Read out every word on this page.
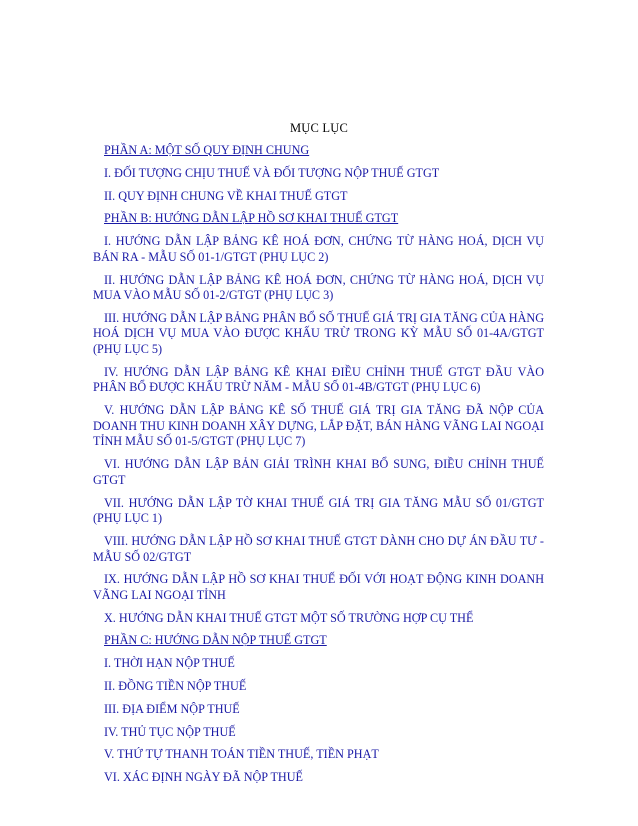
MỤC LỤC
PHẦN A: MỘT SỐ QUY ĐỊNH CHUNG
I. ĐỐI TƯỢNG CHỊU THUẾ VÀ ĐỐI TƯỢNG NỘP THUẾ GTGT
II. QUY ĐỊNH CHUNG VỀ KHAI THUẾ GTGT
PHẦN B: HƯỚNG DẪN LẬP HỒ SƠ KHAI THUẾ GTGT
I. HƯỚNG DẪN LẬP BẢNG KÊ HOÁ ĐƠN, CHỨNG TỪ HÀNG HOÁ, DỊCH VỤ BÁN RA - MẪU SỐ 01-1/GTGT (PHỤ LỤC 2)
II. HƯỚNG DẪN LẬP BẢNG KÊ HOÁ ĐƠN, CHỨNG TỪ HÀNG HOÁ, DỊCH VỤ MUA VÀO MẪU SỐ 01-2/GTGT (PHỤ LỤC 3)
III. HƯỚNG DẪN LẬP BẢNG PHÂN BỔ SỐ THUẾ GIÁ TRỊ GIA TĂNG CỦA HÀNG HOÁ DỊCH VỤ MUA VÀO ĐƯỢC KHẤU TRỪ TRONG KỲ MẪU SỐ 01-4A/GTGT (PHỤ LỤC 5)
IV. HƯỚNG DẪN LẬP BẢNG KÊ KHAI ĐIỀU CHỈNH THUẾ GTGT ĐẦU VÀO PHÂN BỔ ĐƯỢC KHẤU TRỪ NĂM - MẪU SỐ 01-4B/GTGT (PHỤ LỤC 6)
V. HƯỚNG DẪN LẬP BẢNG KÊ SỐ THUẾ GIÁ TRỊ GIA TĂNG ĐÃ NỘP CỦA DOANH THU KINH DOANH XÂY DỰNG, LẮP ĐẶT, BÁN HÀNG VÃNG LAI NGOẠI TỈNH MẪU SỐ 01-5/GTGT (PHỤ LỤC 7)
VI. HƯỚNG DẪN LẬP BẢN GIẢI TRÌNH KHAI BỔ SUNG, ĐIỀU CHỈNH THUẾ GTGT
VII. HƯỚNG DẪN LẬP TỜ KHAI THUẾ GIÁ TRỊ GIA TĂNG MẪU SỐ 01/GTGT (PHỤ LỤC 1)
VIII. HƯỚNG DẪN LẬP HỒ SƠ KHAI THUẾ GTGT DÀNH CHO DỰ ÁN ĐẦU TƯ - MẪU SỐ 02/GTGT
IX. HƯỚNG DẪN LẬP HỒ SƠ KHAI THUẾ ĐỐI VỚI HOẠT ĐỘNG KINH DOANH VÃNG LAI NGOẠI TỈNH
X. HƯỚNG DẪN KHAI THUẾ GTGT MỘT SỐ TRƯỜNG HỢP CỤ THỂ
PHẦN C: HƯỚNG DẪN NỘP THUẾ GTGT
I. THỜI HẠN NỘP THUẾ
II. ĐỒNG TIỀN NỘP THUẾ
III. ĐỊA ĐIỂM NỘP THUẾ
IV. THỦ TỤC NỘP THUẾ
V. THỨ TỰ THANH TOÁN TIỀN THUẾ, TIỀN PHẠT
VI. XÁC ĐỊNH NGÀY ĐÃ NỘP THUẾ
